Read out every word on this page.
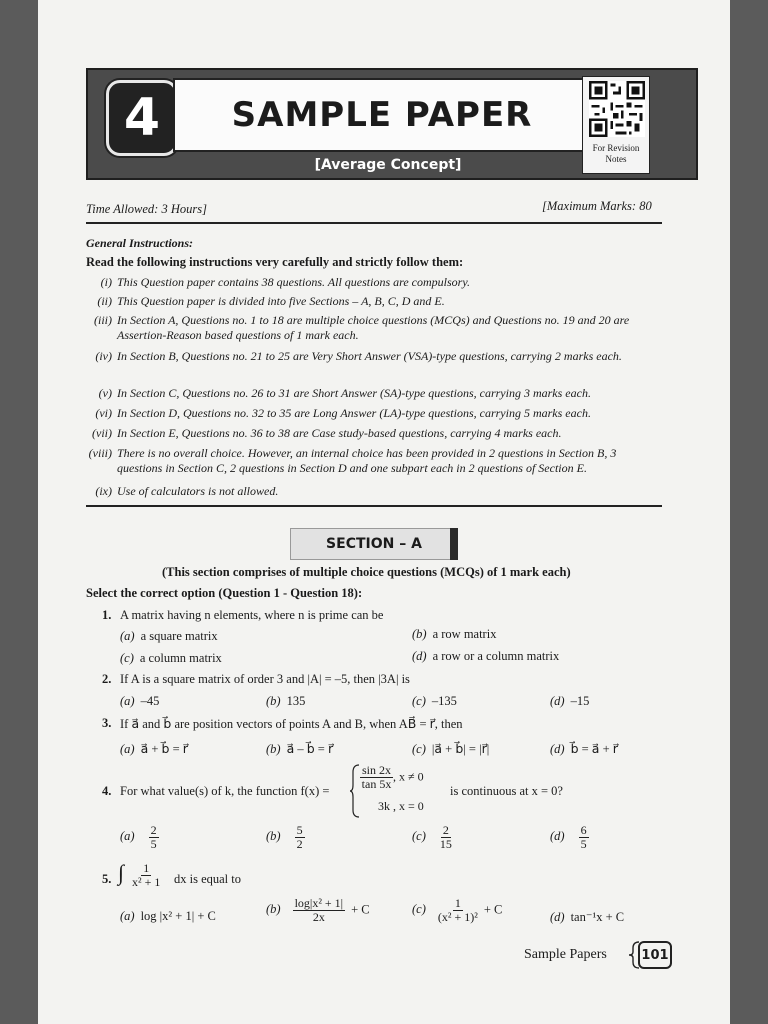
4	SAMPLE PAPER
[Average Concept]
For Revision Notes
Time Allowed: 3 Hours]	[Maximum Marks: 80
General Instructions:
Read the following instructions very carefully and strictly follow them:
(i) This Question paper contains 38 questions. All questions are compulsory.
(ii) This Question paper is divided into five Sections – A, B, C, D and E.
(iii) In Section A, Questions no. 1 to 18 are multiple choice questions (MCQs) and Questions no. 19 and 20 are Assertion-Reason based questions of 1 mark each.
(iv) In Section B, Questions no. 21 to 25 are Very Short Answer (VSA)-type questions, carrying 2 marks each.
(v) In Section C, Questions no. 26 to 31 are Short Answer (SA)-type questions, carrying 3 marks each.
(vi) In Section D, Questions no. 32 to 35 are Long Answer (LA)-type questions, carrying 5 marks each.
(vii) In Section E, Questions no. 36 to 38 are Case study-based questions, carrying 4 marks each.
(viii) There is no overall choice. However, an internal choice has been provided in 2 questions in Section B, 3 questions in Section C, 2 questions in Section D and one subpart each in 2 questions of Section E.
(ix) Use of calculators is not allowed.
SECTION – A
(This section comprises of multiple choice questions (MCQs) of 1 mark each)
Select the correct option (Question 1 - Question 18):
1. A matrix having n elements, where n is prime can be
(a) a square matrix	(b) a row matrix
(c) a column matrix	(d) a row or a column matrix
2. If A is a square matrix of order 3 and |A| = –5, then |3A| is
(a) –45	(b) 135	(c) –135	(d) –15
3. If a⃗ and b⃗ are position vectors of points A and B, when AB⃗ = r⃗, then
(a) a⃗ + b⃗ = r⃗	(b) a⃗ – b⃗ = r⃗	(c) |a⃗ + b⃗| = |r⃗|	(d) b⃗ = a⃗ + r⃗
4. For what value(s) of k, the function f(x) =	$\frac{\sin 2x}{\tan 5x}$ , x ≠ 0
3k , x = 0
is continuous at x = 0?
$(a) \frac{2}{5}$	$(b) \frac{5}{2}$	$(c) \frac{2}{15}$	$(d) \frac{6}{5}$
5. ∫ $\frac{1}{\text{x² + 1}}$ dx is equal to
(a) log |x² + 1| + C	$(b) \frac{\text{log|x² + 1|}}{2x} + C$	$(c) \frac{1}{\text{(x² + 1)²}} + C$
(d) tan⁻¹x + C
Sample Papers	101
